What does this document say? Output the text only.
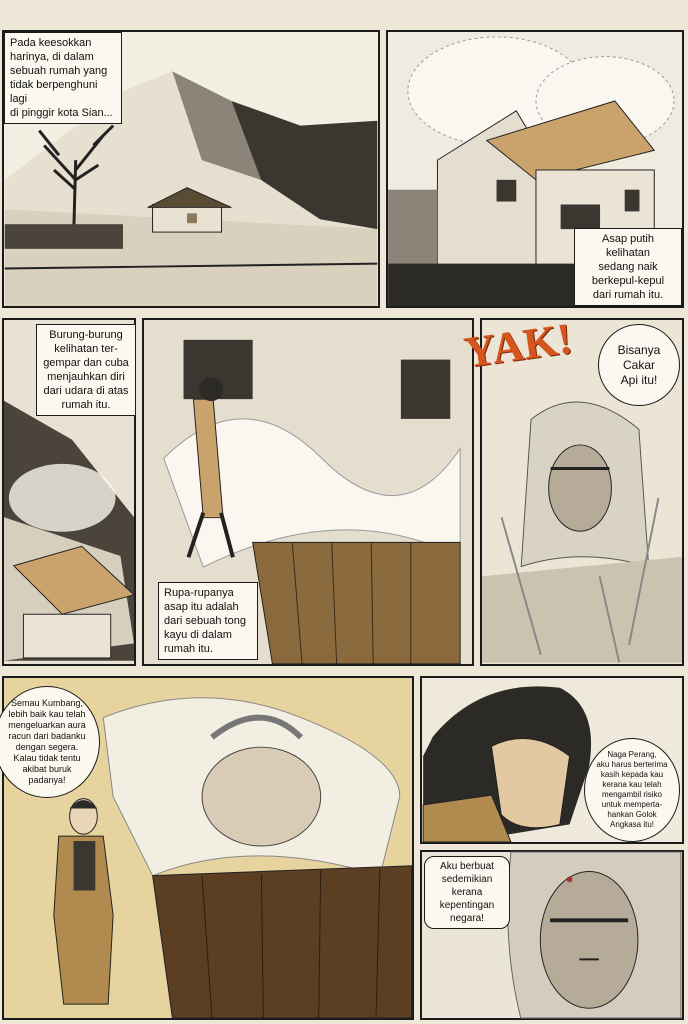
Pada keesokkan
harinya, di dalam
sebuah rumah yang
tidak berpenghuni lagi
di pinggir kota Sian...
Asap putih
kelihatan
sedang naik
berkepul-kepul
dari rumah itu.
Burung-burung
kelihatan ter-
gempar dan cuba
menjauhkan diri
dari udara di atas
rumah itu.
Rupa-rupanya
asap itu adalah
dari sebuah tong
kayu di dalam
rumah itu.
YAK!	Bisanya
Cakar
Api itu!
Semau Kumbang,
lebih baik kau telah
mengeluarkan aura
racun dari badanku
dengan segera.
Kalau tidak tentu
akibat buruk
padanya!
Naga Perang,
aku harus berterima
kasih kepada kau
kerana kau telah
mengambil risiko
untuk memperta-
hankan Golok
Angkasa itu!
Aku berbuat
sedemikian
kerana
kepentingan
negara!
